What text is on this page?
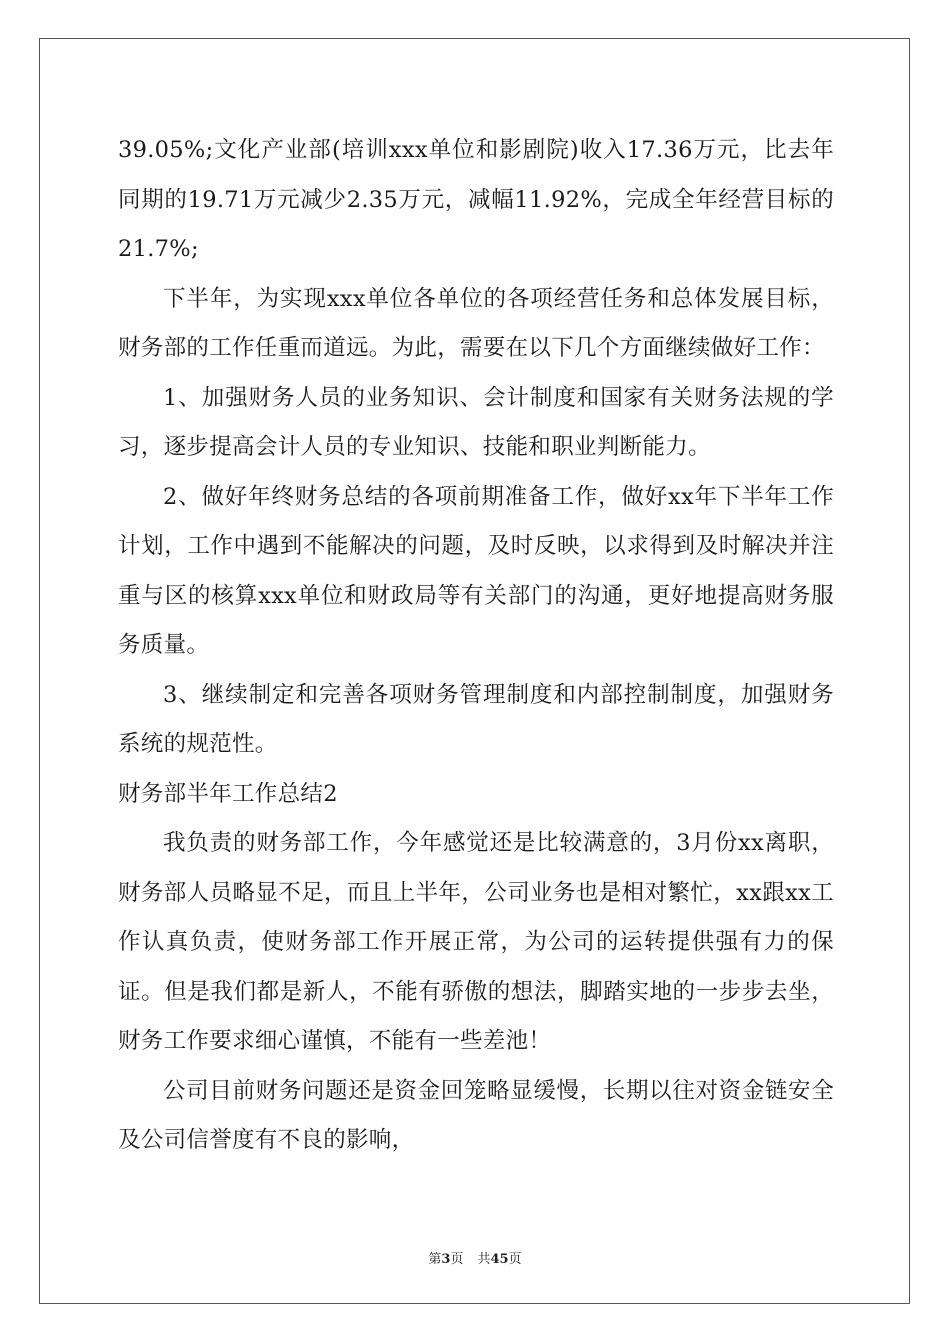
39.05%;文化产业部(培训xxx单位和影剧院)收入17.36万元，比去年同期的19.71万元减少2.35万元，减幅11.92%，完成全年经营目标的21.7%;

下半年，为实现xxx单位各单位的各项经营任务和总体发展目标，财务部的工作任重而道远。为此，需要在以下几个方面继续做好工作：

1、加强财务人员的业务知识、会计制度和国家有关财务法规的学习，逐步提高会计人员的专业知识、技能和职业判断能力。

2、做好年终财务总结的各项前期准备工作，做好xx年下半年工作计划，工作中遇到不能解决的问题，及时反映，以求得到及时解决并注重与区的核算xxx单位和财政局等有关部门的沟通，更好地提高财务服务质量。

3、继续制定和完善各项财务管理制度和内部控制制度，加强财务系统的规范性。

财务部半年工作总结2

我负责的财务部工作，今年感觉还是比较满意的，3月份xx离职，财务部人员略显不足，而且上半年，公司业务也是相对繁忙，xx跟xx工作认真负责，使财务部工作开展正常，为公司的运转提供强有力的保证。但是我们都是新人，不能有骄傲的想法，脚踏实地的一步步去坐，财务工作要求细心谨慎，不能有一些差池！

公司目前财务问题还是资金回笼略显缓慢，长期以往对资金链安全及公司信誉度有不良的影响，

第3页 共45页
